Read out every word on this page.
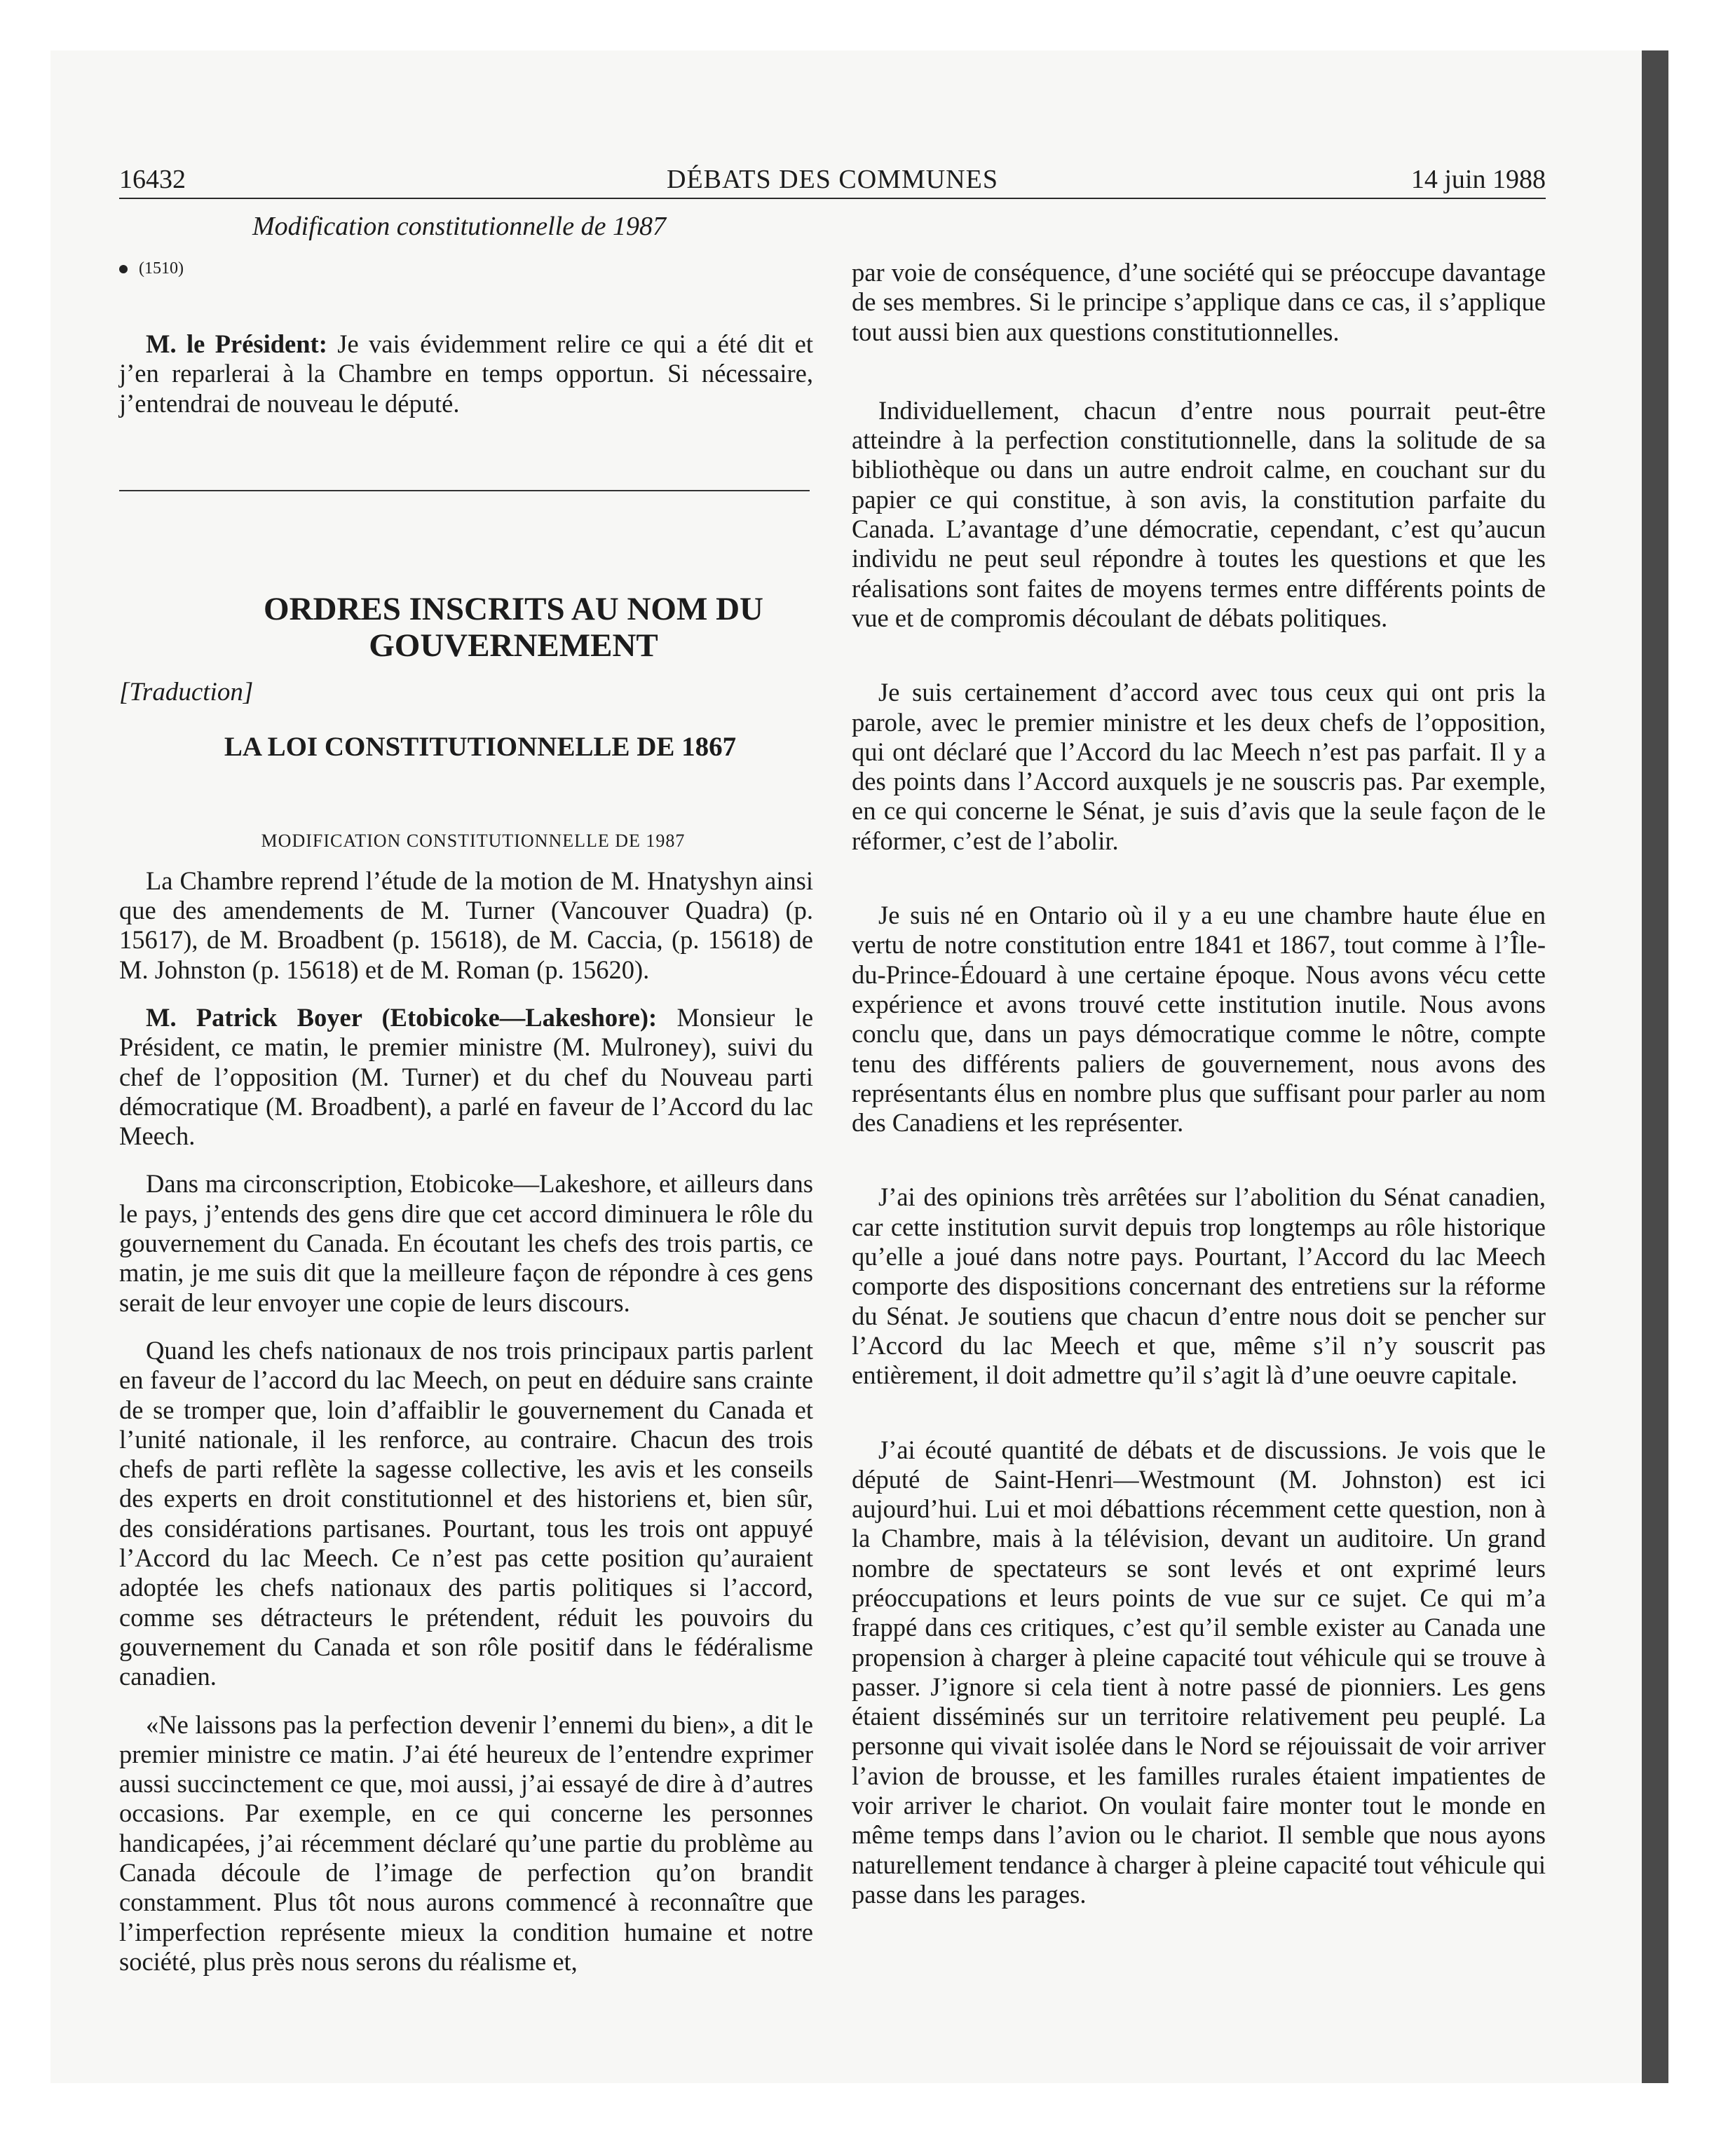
16432	DÉBATS DES COMMUNES	14 juin 1988
Modification constitutionnelle de 1987
(1510)

M. le Président: Je vais évidemment relire ce qui a été dit et j’en reparlerai à la Chambre en temps opportun. Si nécessaire, j’entendrai de nouveau le député.

ORDRES INSCRITS AU NOM DU GOUVERNEMENT
[Traduction]
LA LOI CONSTITUTIONNELLE DE 1867
MODIFICATION CONSTITUTIONNELLE DE 1987

La Chambre reprend l’étude de la motion de M. Hnatyshyn ainsi que des amendements de M. Turner (Vancouver Quadra) (p. 15617), de M. Broadbent (p. 15618), de M. Caccia, (p. 15618) de M. Johnston (p. 15618) et de M. Roman (p. 15620).

M. Patrick Boyer (Etobicoke—Lakeshore): Monsieur le Président, ce matin, le premier ministre (M. Mulroney), suivi du chef de l’opposition (M. Turner) et du chef du Nouveau parti démocratique (M. Broadbent), a parlé en faveur de l’Accord du lac Meech.

Dans ma circonscription, Etobicoke—Lakeshore, et ailleurs dans le pays, j’entends des gens dire que cet accord diminuera le rôle du gouvernement du Canada. En écoutant les chefs des trois partis, ce matin, je me suis dit que la meilleure façon de répondre à ces gens serait de leur envoyer une copie de leurs discours.

Quand les chefs nationaux de nos trois principaux partis parlent en faveur de l’accord du lac Meech, on peut en déduire sans crainte de se tromper que, loin d’affaiblir le gouvernement du Canada et l’unité nationale, il les renforce, au contraire. Chacun des trois chefs de parti reflète la sagesse collective, les avis et les conseils des experts en droit constitutionnel et des historiens et, bien sûr, des considérations partisanes. Pourtant, tous les trois ont appuyé l’Accord du lac Meech. Ce n’est pas cette position qu’auraient adoptée les chefs nationaux des partis politiques si l’accord, comme ses détracteurs le prétendent, réduit les pouvoirs du gouvernement du Canada et son rôle positif dans le fédéralisme canadien.

«Ne laissons pas la perfection devenir l’ennemi du bien», a dit le premier ministre ce matin. J’ai été heureux de l’entendre exprimer aussi succinctement ce que, moi aussi, j’ai essayé de dire à d’autres occasions. Par exemple, en ce qui concerne les personnes handicapées, j’ai récemment déclaré qu’une partie du problème au Canada découle de l’image de perfection qu’on brandit constamment. Plus tôt nous aurons commencé à reconnaître que l’imperfection représente mieux la condition humaine et notre société, plus près nous serons du réalisme et,

par voie de conséquence, d’une société qui se préoccupe davantage de ses membres. Si le principe s’applique dans ce cas, il s’applique tout aussi bien aux questions constitutionnelles.

Individuellement, chacun d’entre nous pourrait peut-être atteindre à la perfection constitutionnelle, dans la solitude de sa bibliothèque ou dans un autre endroit calme, en couchant sur du papier ce qui constitue, à son avis, la constitution parfaite du Canada. L’avantage d’une démocratie, cependant, c’est qu’aucun individu ne peut seul répondre à toutes les questions et que les réalisations sont faites de moyens termes entre différents points de vue et de compromis découlant de débats politiques.

Je suis certainement d’accord avec tous ceux qui ont pris la parole, avec le premier ministre et les deux chefs de l’opposition, qui ont déclaré que l’Accord du lac Meech n’est pas parfait. Il y a des points dans l’Accord auxquels je ne souscris pas. Par exemple, en ce qui concerne le Sénat, je suis d’avis que la seule façon de le réformer, c’est de l’abolir.

Je suis né en Ontario où il y a eu une chambre haute élue en vertu de notre constitution entre 1841 et 1867, tout comme à l’Île-du-Prince-Édouard à une certaine époque. Nous avons vécu cette expérience et avons trouvé cette institution inutile. Nous avons conclu que, dans un pays démocratique comme le nôtre, compte tenu des différents paliers de gouvernement, nous avons des représentants élus en nombre plus que suffisant pour parler au nom des Canadiens et les représenter.

J’ai des opinions très arrêtées sur l’abolition du Sénat canadien, car cette institution survit depuis trop longtemps au rôle historique qu’elle a joué dans notre pays. Pourtant, l’Accord du lac Meech comporte des dispositions concernant des entretiens sur la réforme du Sénat. Je soutiens que chacun d’entre nous doit se pencher sur l’Accord du lac Meech et que, même s’il n’y souscrit pas entièrement, il doit admettre qu’il s’agit là d’une oeuvre capitale.

J’ai écouté quantité de débats et de discussions. Je vois que le député de Saint-Henri—Westmount (M. Johnston) est ici aujourd’hui. Lui et moi débattions récemment cette question, non à la Chambre, mais à la télévision, devant un auditoire. Un grand nombre de spectateurs se sont levés et ont exprimé leurs préoccupations et leurs points de vue sur ce sujet. Ce qui m’a frappé dans ces critiques, c’est qu’il semble exister au Canada une propension à charger à pleine capacité tout véhicule qui se trouve à passer. J’ignore si cela tient à notre passé de pionniers. Les gens étaient disséminés sur un territoire relativement peu peuplé. La personne qui vivait isolée dans le Nord se réjouissait de voir arriver l’avion de brousse, et les familles rurales étaient impatientes de voir arriver le chariot. On voulait faire monter tout le monde en même temps dans l’avion ou le chariot. Il semble que nous ayons naturellement tendance à charger à pleine capacité tout véhicule qui passe dans les parages.
